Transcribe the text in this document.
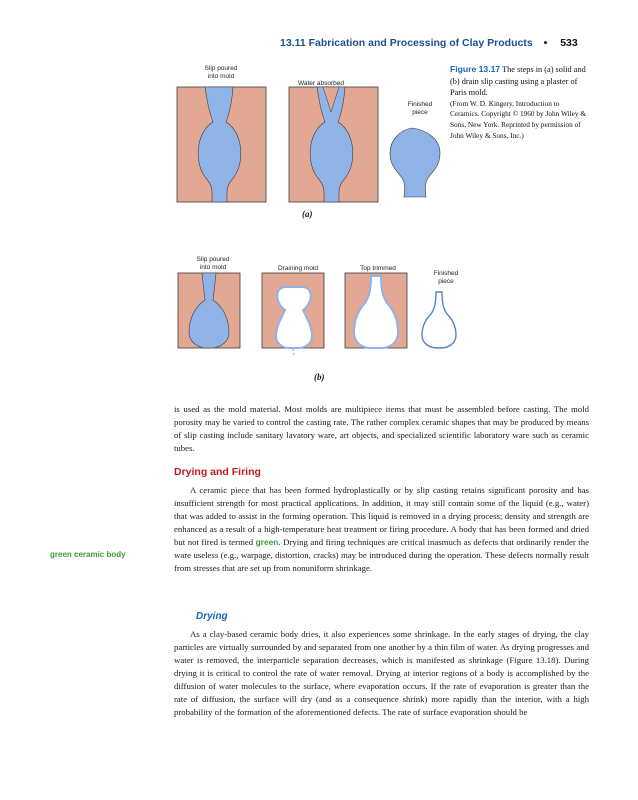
13.11 Fabrication and Processing of Clay Products • 533
Slip poured
into mold
Water absorbed
Finished
piece
(a)
Figure 13.17 The steps in (a) solid and (b) drain slip casting using a plaster of Paris mold.
(From W. D. Kingery, Introduction to Ceramics. Copyright © 1960 by John Wiley & Sons, New York. Reprinted by permission of John Wiley & Sons, Inc.)
Slip poured
into mold	Draining mold	Top trimmed
Finished
piece
(b)

is used as the mold material. Most molds are multipiece items that must be assembled before casting. The mold porosity may be varied to control the casting rate. The rather complex ceramic shapes that may be produced by means of slip casting include sanitary lavatory ware, art objects, and specialized scientific laboratory ware such as ceramic tubes.

Drying and Firing

A ceramic piece that has been formed hydroplastically or by slip casting retains significant porosity and has insufficient strength for most practical applications. In addition, it may still contain some of the liquid (e.g., water) that was added to assist in the forming operation. This liquid is removed in a drying process; density and strength are enhanced as a result of a high-temperature heat treatment or firing procedure. A body that has been formed and dried but not fired is termed green. Drying and firing techniques are critical inasmuch as defects that ordinarily render the ware useless (e.g., warpage, distortion, cracks) may be introduced during the operation. These defects normally result from stresses that are set up from nonuniform shrinkage.

green ceramic body
Drying

As a clay-based ceramic body dries, it also experiences some shrinkage. In the early stages of drying, the clay particles are virtually surrounded by and separated from one another by a thin film of water. As drying progresses and water is removed, the interparticle separation decreases, which is manifested as shrinkage (Figure 13.18). During drying it is critical to control the rate of water removal. Drying at interior regions of a body is accomplished by the diffusion of water molecules to the surface, where evaporation occurs. If the rate of evaporation is greater than the rate of diffusion, the surface will dry (and as a consequence shrink) more rapidly than the interior, with a high probability of the formation of the aforementioned defects. The rate of surface evaporation should be
